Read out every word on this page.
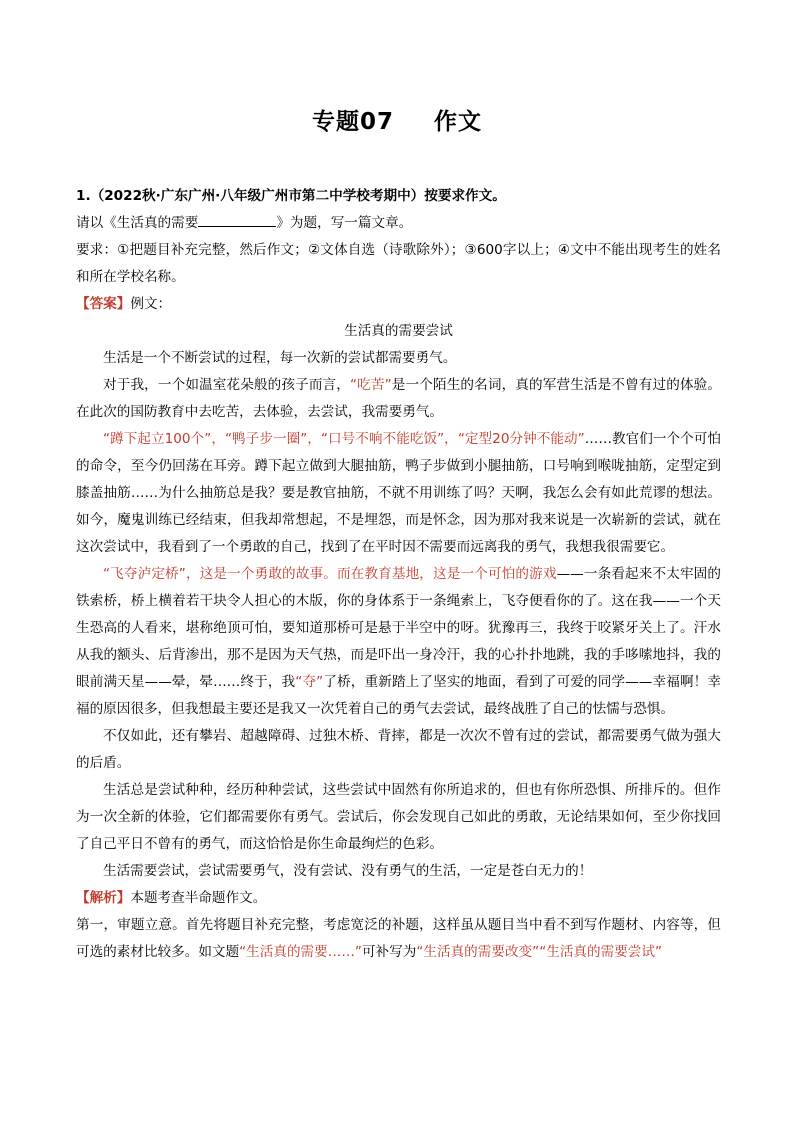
专题07 作文

1.（2022秋·广东广州·八年级广州市第二中学校考期中）按要求作文。

请以《生活真的需要	》为题，写一篇文章。

要求：①把题目补充完整，然后作文；②文体自选（诗歌除外）；③600字以上；④文中不能出现考生的姓名和所在学校名称。

【答案】例文：

生活真的需要尝试

生活是一个不断尝试的过程，每一次新的尝试都需要勇气。

对于我，一个如温室花朵般的孩子而言，“吃苦”是一个陌生的名词，真的军营生活是不曾有过的体验。在此次的国防教育中去吃苦，去体验，去尝试，我需要勇气。

“蹲下起立100个”，“鸭子步一圈”，“口号不响不能吃饭”，“定型20分钟不能动”……教官们一个个可怕的命令，至今仍回荡在耳旁。蹲下起立做到大腿抽筋，鸭子步做到小腿抽筋，口号响到喉咙抽筋，定型定到膝盖抽筋……为什么抽筋总是我？要是教官抽筋，不就不用训练了吗？天啊，我怎么会有如此荒谬的想法。如今，魔鬼训练已经结束，但我却常想起，不是埋怨，而是怀念，因为那对我来说是一次崭新的尝试，就在这次尝试中，我看到了一个勇敢的自己，找到了在平时因不需要而远离我的勇气，我想我很需要它。

“飞夺泸定桥”，这是一个勇敢的故事。而在教育基地，这是一个可怕的游戏——一条看起来不太牢固的铁索桥，桥上横着若干块令人担心的木版，你的身体系于一条绳索上，飞夺便看你的了。这在我——一个天生恐高的人看来，堪称绝顶可怕，要知道那桥可是悬于半空中的呀。犹豫再三，我终于咬紧牙关上了。汗水从我的额头、后背渗出，那不是因为天气热，而是吓出一身冷汗，我的心扑扑地跳，我的手哆嗦地抖，我的眼前满天星——晕，晕……终于，我“夺”了桥，重新踏上了坚实的地面，看到了可爱的同学——幸福啊！幸福的原因很多，但我想最主要还是我又一次凭着自己的勇气去尝试，最终战胜了自己的怯懦与恐惧。

不仅如此，还有攀岩、超越障碍、过独木桥、背摔，都是一次次不曾有过的尝试，都需要勇气做为强大的后盾。

生活总是尝试种种，经历种种尝试，这些尝试中固然有你所追求的，但也有你所恐惧、所排斥的。但作为一次全新的体验，它们都需要你有勇气。尝试后，你会发现自己如此的勇敢，无论结果如何，至少你找回了自己平日不曾有的勇气，而这恰恰是你生命最绚烂的色彩。

生活需要尝试，尝试需要勇气，没有尝试、没有勇气的生活，一定是苍白无力的！

【解析】本题考查半命题作文。

第一，审题立意。首先将题目补充完整，考虑宽泛的补题，这样虽从题目当中看不到写作题材、内容等，但可选的素材比较多。如文题“生活真的需要……”可补写为“生活真的需要改变”“生活真的需要尝试”
